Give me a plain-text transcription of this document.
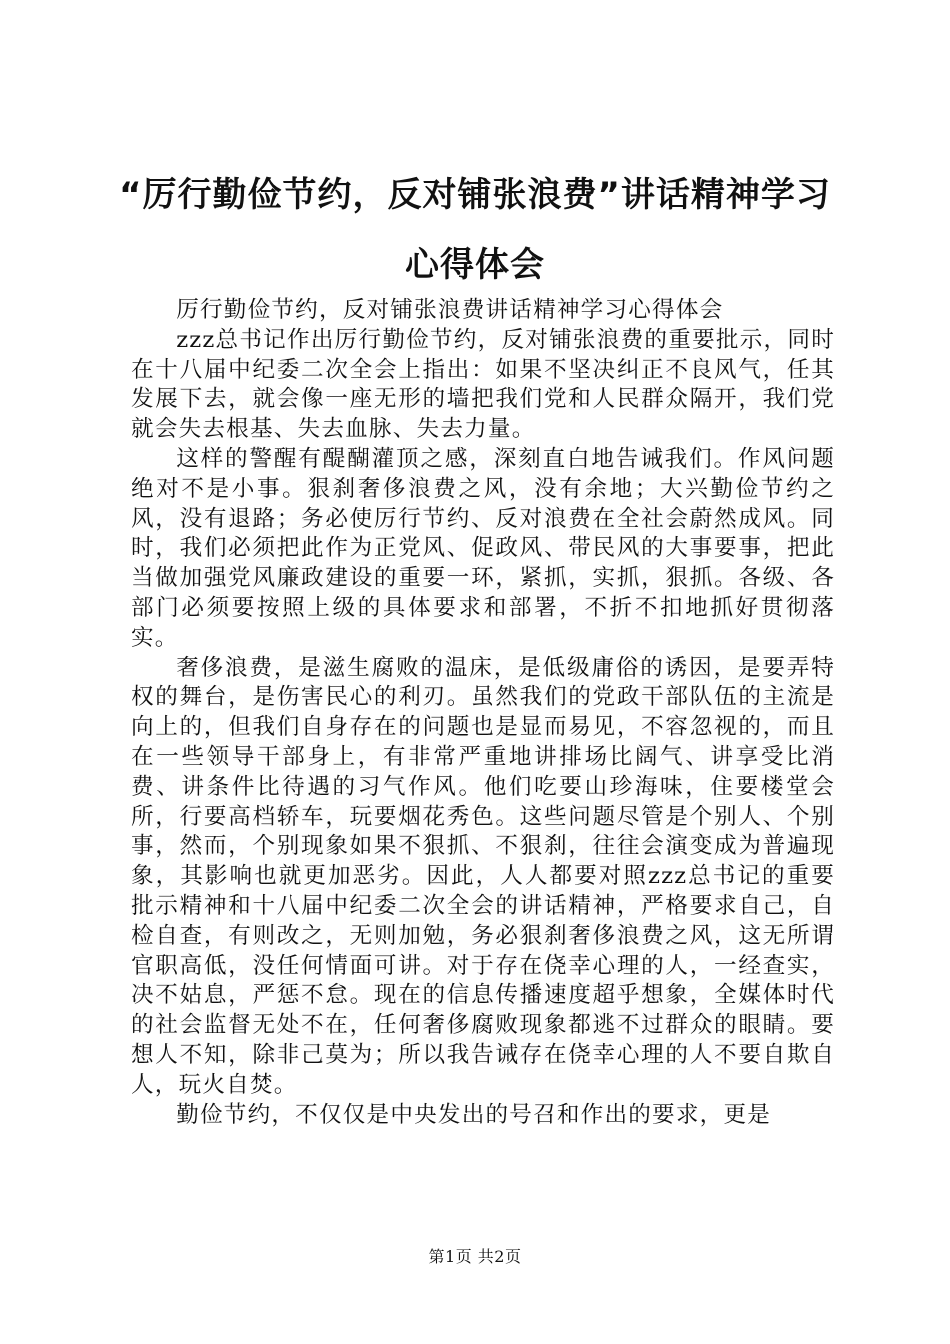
“厉行勤俭节约，反对铺张浪费”讲话精神学习心得体会

厉行勤俭节约，反对铺张浪费讲话精神学习心得体会

zzz总书记作出厉行勤俭节约，反对铺张浪费的重要批示，同时在十八届中纪委二次全会上指出：如果不坚决纠正不良风气，任其发展下去，就会像一座无形的墙把我们党和人民群众隔开，我们党就会失去根基、失去血脉、失去力量。

这样的警醒有醍醐灌顶之感，深刻直白地告诫我们。作风问题绝对不是小事。狠刹奢侈浪费之风，没有余地；大兴勤俭节约之风，没有退路；务必使厉行节约、反对浪费在全社会蔚然成风。同时，我们必须把此作为正党风、促政风、带民风的大事要事，把此当做加强党风廉政建设的重要一环，紧抓，实抓，狠抓。各级、各部门必须要按照上级的具体要求和部署，不折不扣地抓好贯彻落实。

奢侈浪费，是滋生腐败的温床，是低级庸俗的诱因，是要弄特权的舞台，是伤害民心的利刃。虽然我们的党政干部队伍的主流是向上的，但我们自身存在的问题也是显而易见，不容忽视的，而且在一些领导干部身上，有非常严重地讲排场比阔气、讲享受比消费、讲条件比待遇的习气作风。他们吃要山珍海味，住要楼堂会所，行要高档轿车，玩要烟花秀色。这些问题尽管是个别人、个别事，然而，个别现象如果不狠抓、不狠刹，往往会演变成为普遍现象，其影响也就更加恶劣。因此，人人都要对照zzz总书记的重要批示精神和十八届中纪委二次全会的讲话精神，严格要求自己，自检自查，有则改之，无则加勉，务必狠刹奢侈浪费之风，这无所谓官职高低，没任何情面可讲。对于存在侥幸心理的人，一经查实，决不姑息，严惩不怠。现在的信息传播速度超乎想象，全媒体时代的社会监督无处不在，任何奢侈腐败现象都逃不过群众的眼睛。要想人不知，除非己莫为；所以我告诫存在侥幸心理的人不要自欺自人，玩火自焚。

勤俭节约，不仅仅是中央发出的号召和作出的要求，更是

第1页 共2页
